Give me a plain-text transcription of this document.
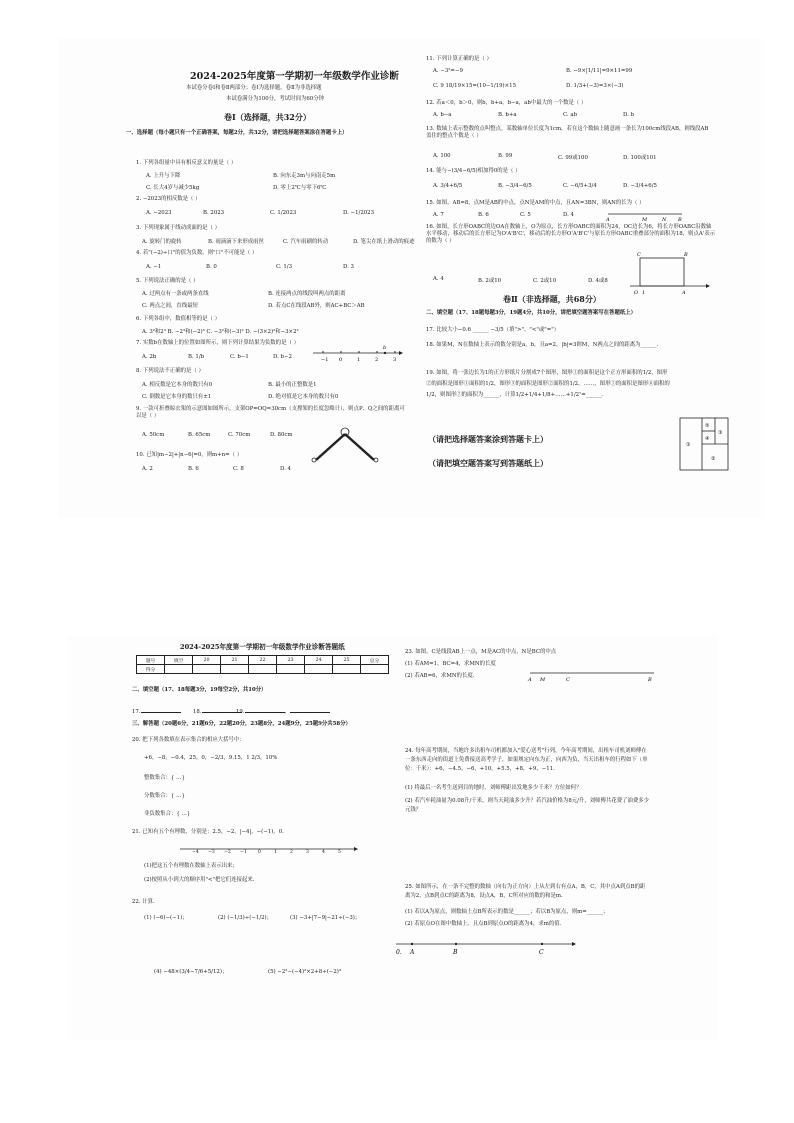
2024-2025年度第一学期初一年级数学作业诊断
本试卷分卷Ⅰ和卷Ⅱ两部分；卷Ⅰ为选择题，卷Ⅱ为非选择题
本试卷满分为100分，考试时间为60分钟
卷Ⅰ（选择题，共32分）
一、选择题（每小题只有一个正确答案，每题2分，共32分，请把选择题答案涂在答题卡上）
1. 下列各组量中具有相反意义的量是（ ）
A. 上升与下降	B. 向东走3m与向南走5m
C. 长大4岁与减少5kg	D. 零上2℃与零下6℃
2. −2023的相反数是（ ）
A. −2023	B. 2023	C. 1/2023	D. −1/2023
3. 下列现象属于线动成面的是（ ）
A. 旋转门的旋转	B. 雨滴滴下来形成雨丝	C. 汽车雨刷的转动	D. 笔尖在纸上滑动的痕迹
4. 若"(−2)÷口"的值为负数，则"口"不可能是（ ）
A. −1	B. 0	C. 1/3	D. 3
5. 下列说法正确的是（ ）
A. 过两点有一条或两条直线	B. 连接两点的线段叫两点的距离
C. 两点之间，直线最短	D. 若点C在线段AB外，则AC+BC＞AB
6. 下列各组中，数值相等的是（ ）
A. 3²和2³ B. −2³和(−2)³ C. −3²和(−3)² D. −(3×2)²和−3×2²
7. 实数b在数轴上的位置如图所示，则下列计算结果为负数的是（ ）
A. 2b	B. 1/b	C. b−1	D. b−2	−1 0	1	2	3
b
8. 下列说法不正确的是（ ）
A. 相反数是它本身的数只有0	B. 最小的正整数是1
C. 倒数是它本身的数只有±1	D. 绝对值是它本身的数只有0
9. 一款可折叠晾衣架的示意图如图所示，支架OP=OQ=30cm（支撑架的长度忽略计），则点P、Q之间的距离可以是（ ）
A. 50cm	B. 65cm	C. 70cm	D. 80cm
10. 已知|m−2|+|n−6|=0，则m+n=（ ）
A. 2	B. 6	C. 8	D. 4
11. 下列计算正确的是（ ）
A. −3²=−9	B. −9×|1/11|=9×11=99
C. 9 18/19×15=(10−1/19)×15	D. 1/3+(−3)=3×(−3)
12. 若a＜0，b＞0，则b，b+a，b−a，ab中最大的一个数是（ ）
A. b−a	B. b+a	C. ab	D. b
13. 数轴上表示整数的点叫整点。某数轴单位长度为1cm，若在这个数轴上随意画一条长为100cm线段AB，则线段AB盖住的整点个数是（ ）
A. 100	B. 99	C. 99或100	D. 100或101
14. 能与−(3/4−6/5)相加得0的是（ ）
A. 3/4+6/5	B. −3/4−6/5	C. −6/5+3/4	D. −3/4+6/5
15. 如图，AB=8，点M是AB的中点，点N是AM的中点，且AN=3BN，则AN的长为（ ）
A. 7	B. 6	C. 5	D. 4
A	M	N B
16. 如图，长方形OABC的边OA在数轴上，O为原点，长方形OABC的面积为24，OC边长为6，将长方形OABC沿数轴水平移动，移动后的长方形记为O'A'B'C'，移动后的长方形O'A'B'C'与原长方形OABC重叠部分的面积为18，则点A'表示的数为（ ）
A. 4	B. 2或10	C. 2或10	D. 4或8
C	B
O 1	A
卷Ⅱ（非选择题，共68分）
二、填空题（17、18题每题3分，19题4分，共10分，请把填空题答案写在答题纸上）
17. 比较大小−0.6 ______ −3/5（填">"、"<"或"="）
18. 如果M，N在数轴上表示的数分别是a，b，且a=2，|b|=3则M，N两点之间的距离为______.
19. 如图，将一张边长为1的正方形纸片分割成7个图形，图形①的面积是这个正方形面积的1/2，图形②的面积是图形①面积的1/2，图形③的面积是图形②面积的1/2，……，图形⑦的面积是图形⑥面积的1/2，则图形⑦的面积为______，计算1/2+1/4+1/8+……+1/2⁷=______.
①
②
③
④
⑤
（请把选择题答案涂到答题卡上）
（请把填空题答案写到答题纸上）
2024-2025年度第一学期初一年级数学作业诊断答题纸
题号	填空	20	21	22	23	24	25	总分
得分								
二、填空题（17、18每题3分，19每空2分，共10分）
17.	18.	19.	，
三、解答题（20题6分，21题6分，22题20分，23题8分，24题9分，25题9分共58分）
20. 把下列各数填在表示集合的相应大括号中：
+6，−8，−0.4，25，0，−2/3，9.15，1 2/3，10%
整数集合：{ …}
分数集合：{ …}
非负数集合：{ …}
21. 已知有五个有理数，分别是：2.5，−2，|−4|，−(−1)，0.
−4 −3 −2 −1 0	1	2	3	4	5
(1)把这五个有理数在数轴上表示出来；
(2)按照从小到大的顺序用"<"把它们连接起来.
22. 计算.
(1) (−6)−(−1)；	(2) (−1/3)÷(−1/2)；	(3) −3+|7−9|−21÷(−3)；
(4) −48×(3/4−7/6+5/12)；	(5) −2²−(−4)²×2+8÷(−2)³
23. 如图，C是线段AB上一点，M是AC的中点，N是BC的中点
(1) 若AM=1，BC=4，求MN的长度
(2) 若AB=6，求MN的长度.
A M	C	B
24. 每年高考期间，当地许多出租车司机都加入"爱心送考"行列，今年高考期间，出租车司机刘师傅在一条东西走向的街道上免费接送高考学子，如果规定向东为正，向西为负，当天出租车的行程如下（单位：千米）：+6，−4.5，−6，+10，+5.5，+8，+9，−11.
(1) 将最后一名考生送到目的地时，刘师傅距出发地多少千米？方位如何？
(2) 若汽车耗油量为0.08升/千米，则当天耗油多少升？若汽油价格为8元/升，刘师傅共花费了油费多少元钱？
25. 如图所示，在一条不完整的数轴（向右为正方向）上从左到右有点A，B，C，其中点A到点B的距离为2，点B到点C的距离为8，设点A，B，C所对应的数的和是m.
(1) 若以A为原点，则数轴上点B所表示的数是______；若以B为原点，则m=______；
(2) 若原点O在图中数轴上，且点B到原点O的距离为4，求m的值.
0. A	B	C
